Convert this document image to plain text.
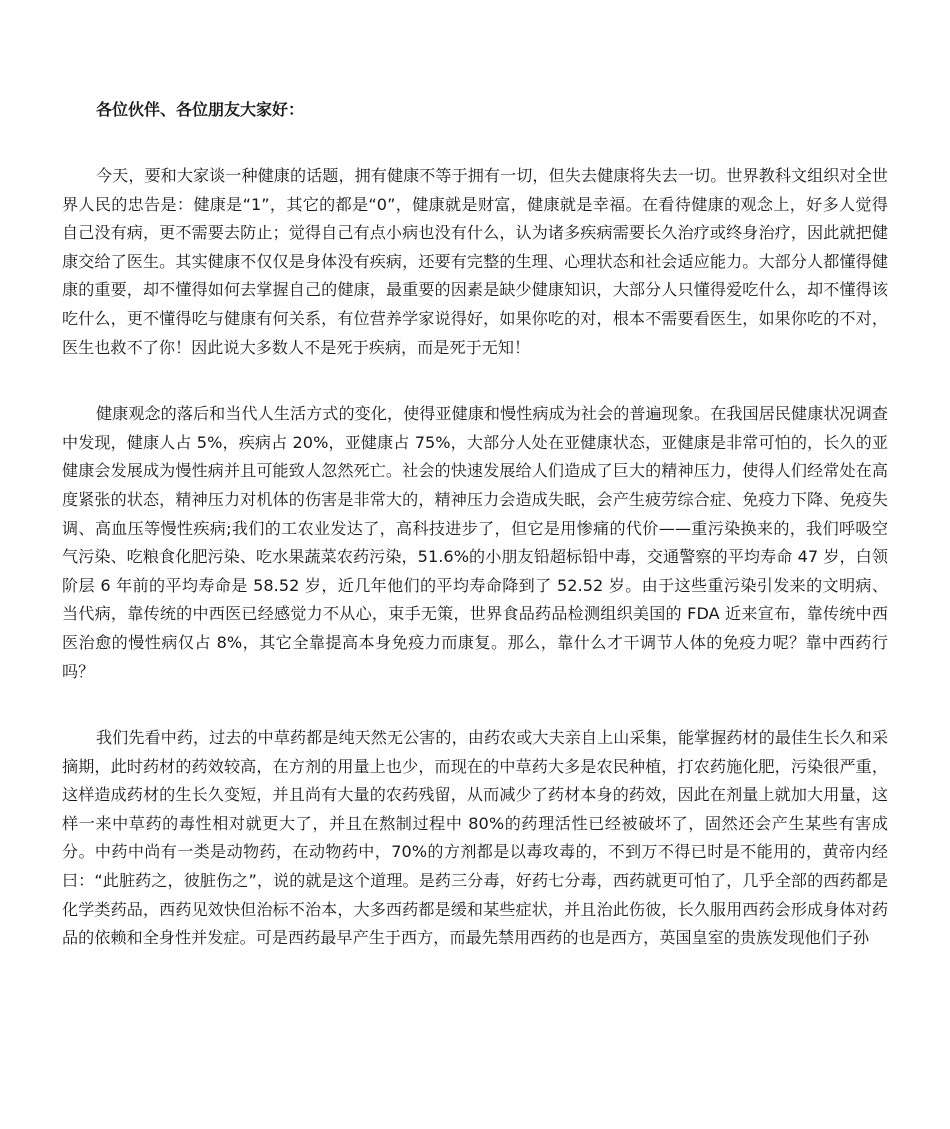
各位伙伴、各位朋友大家好：

今天，要和大家谈一种健康的话题，拥有健康不等于拥有一切，但失去健康将失去一切。世界教科文组织对全世界人民的忠告是：健康是“1”，其它的都是“0”，健康就是财富，健康就是幸福。在看待健康的观念上，好多人觉得自己没有病，更不需要去防止；觉得自己有点小病也没有什么，认为诸多疾病需要长久治疗或终身治疗，因此就把健康交给了医生。其实健康不仅仅是身体没有疾病，还要有完整的生理、心理状态和社会适应能力。大部分人都懂得健康的重要，却不懂得如何去掌握自己的健康，最重要的因素是缺少健康知识，大部分人只懂得爱吃什么，却不懂得该吃什么，更不懂得吃与健康有何关系，有位营养学家说得好，如果你吃的对，根本不需要看医生，如果你吃的不对，医生也救不了你！因此说大多数人不是死于疾病，而是死于无知！

健康观念的落后和当代人生活方式的变化，使得亚健康和慢性病成为社会的普遍现象。在我国居民健康状况调查中发现，健康人占 5%，疾病占 20%，亚健康占 75%，大部分人处在亚健康状态，亚健康是非常可怕的，长久的亚健康会发展成为慢性病并且可能致人忽然死亡。社会的快速发展给人们造成了巨大的精神压力，使得人们经常处在高度紧张的状态，精神压力对机体的伤害是非常大的，精神压力会造成失眠，会产生疲劳综合症、免疫力下降、免疫失调、高血压等慢性疾病;我们的工农业发达了，高科技进步了，但它是用惨痛的代价——重污染换来的，我们呼吸空气污染、吃粮食化肥污染、吃水果蔬菜农药污染，51.6%的小朋友铅超标铅中毒，交通警察的平均寿命 47 岁，白领阶层 6 年前的平均寿命是 58.52 岁，近几年他们的平均寿命降到了 52.52 岁。由于这些重污染引发来的文明病、当代病，靠传统的中西医已经感觉力不从心，束手无策，世界食品药品检测组织美国的 FDA 近来宣布，靠传统中西医治愈的慢性病仅占 8%，其它全靠提高本身免疫力而康复。那么，靠什么才干调节人体的免疫力呢？靠中西药行吗？

我们先看中药，过去的中草药都是纯天然无公害的，由药农或大夫亲自上山采集，能掌握药材的最佳生长久和采摘期，此时药材的药效较高，在方剂的用量上也少，而现在的中草药大多是农民种植，打农药施化肥，污染很严重，这样造成药材的生长久变短，并且尚有大量的农药残留，从而减少了药材本身的药效，因此在剂量上就加大用量，这样一来中草药的毒性相对就更大了，并且在熬制过程中 80%的药理活性已经被破坏了，固然还会产生某些有害成分。中药中尚有一类是动物药，在动物药中，70%的方剂都是以毒攻毒的，不到万不得已时是不能用的，黄帝内经曰：“此脏药之，彼脏伤之”，说的就是这个道理。是药三分毒，好药七分毒，西药就更可怕了，几乎全部的西药都是化学类药品，西药见效快但治标不治本，大多西药都是缓和某些症状，并且治此伤彼，长久服用西药会形成身体对药品的依赖和全身性并发症。可是西药最早产生于西方，而最先禁用西药的也是西方，英国皇室的贵族发现他们子孙
